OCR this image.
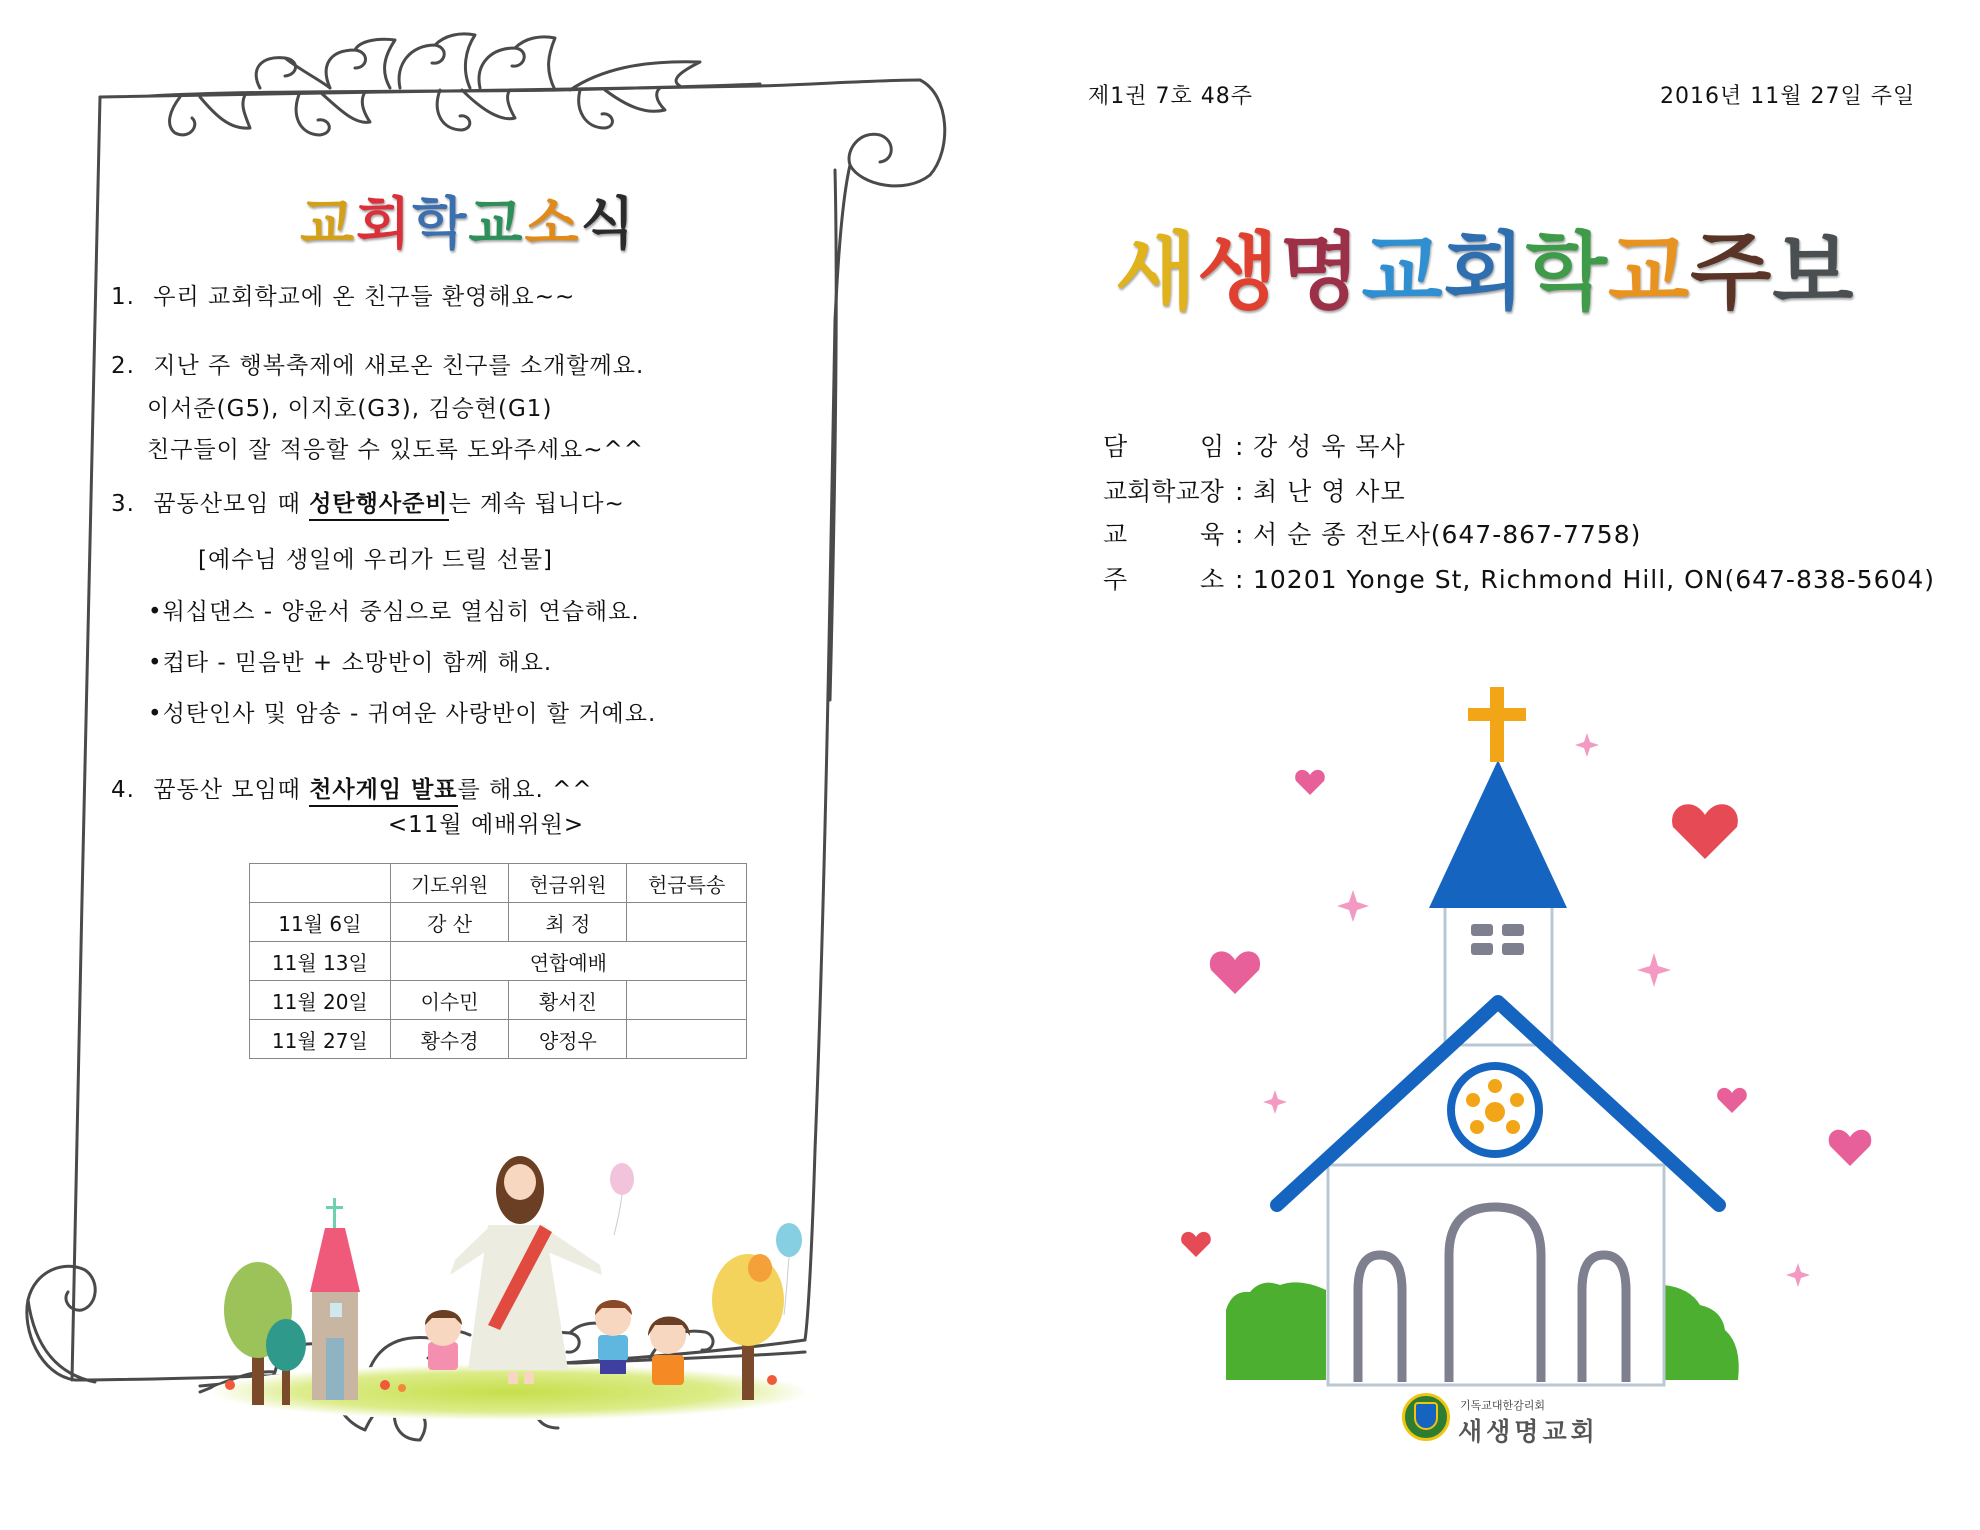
교회학교소식
1. 우리 교회학교에 온 친구들 환영해요~~
2. 지난 주 행복축제에 새로온 친구를 소개할께요.
이서준(G5), 이지호(G3), 김승현(G1)
친구들이 잘 적응할 수 있도록 도와주세요~^^
3. 꿈동산모임 때 성탄행사준비는 계속 됩니다~
[예수님 생일에 우리가 드릴 선물]
•워십댄스 - 양윤서 중심으로 열심히 연습해요.
•컵타 - 믿음반 + 소망반이 함께 해요.
•성탄인사 및 암송 - 귀여운 사랑반이 할 거예요.
4. 꿈동산 모임때 천사게임 발표를 해요. ^^
<11월 예배위원>
	기도위원	헌금위원	헌금특송
11월 6일	강 산	최 정	
11월 13일	연합예배		
11월 20일	이수민	황서진	
11월 27일	황수경	양정우	
제1권 7호 48주	2016년 11월 27일 주일
새생명교회학교주보
담	임 : 강 성 욱 목사
교회학교장 : 최 난 영 사모
교	육 : 서 순 종 전도사(647-867-7758)
주	소 : 10201 Yonge St, Richmond Hill, ON(647-838-5604)
기독교대한감리회
새생명교회
